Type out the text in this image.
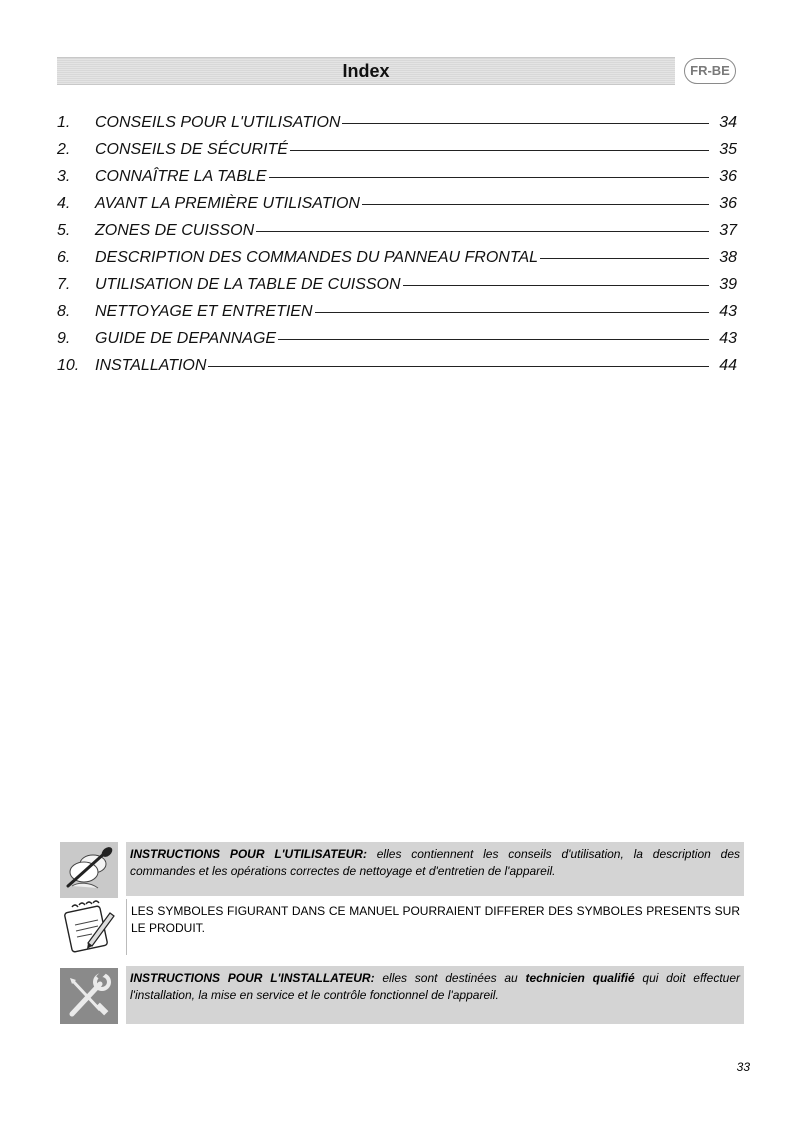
Index	FR-BE
1.	CONSEILS POUR L'UTILISATION	34
2.	CONSEILS DE SÉCURITÉ	35
3.	CONNAÎTRE LA TABLE	36
4.	AVANT LA PREMIÈRE UTILISATION	36
5.	ZONES DE CUISSON	37
6.	DESCRIPTION DES COMMANDES DU PANNEAU FRONTAL	38
7.	UTILISATION DE LA TABLE DE CUISSON	39
8.	NETTOYAGE ET ENTRETIEN	43
9.	GUIDE DE DEPANNAGE	43
10. INSTALLATION	44
INSTRUCTIONS POUR L'UTILISATEUR: elles contiennent les conseils d'utilisation, la description des commandes et les opérations correctes de nettoyage et d'entretien de l'appareil.
LES SYMBOLES FIGURANT DANS CE MANUEL POURRAIENT DIFFERER DES SYMBOLES PRESENTS SUR LE PRODUIT.
INSTRUCTIONS POUR L'INSTALLATEUR: elles sont destinées au technicien qualifié qui doit effectuer l'installation, la mise en service et le contrôle fonctionnel de l'appareil.
33
